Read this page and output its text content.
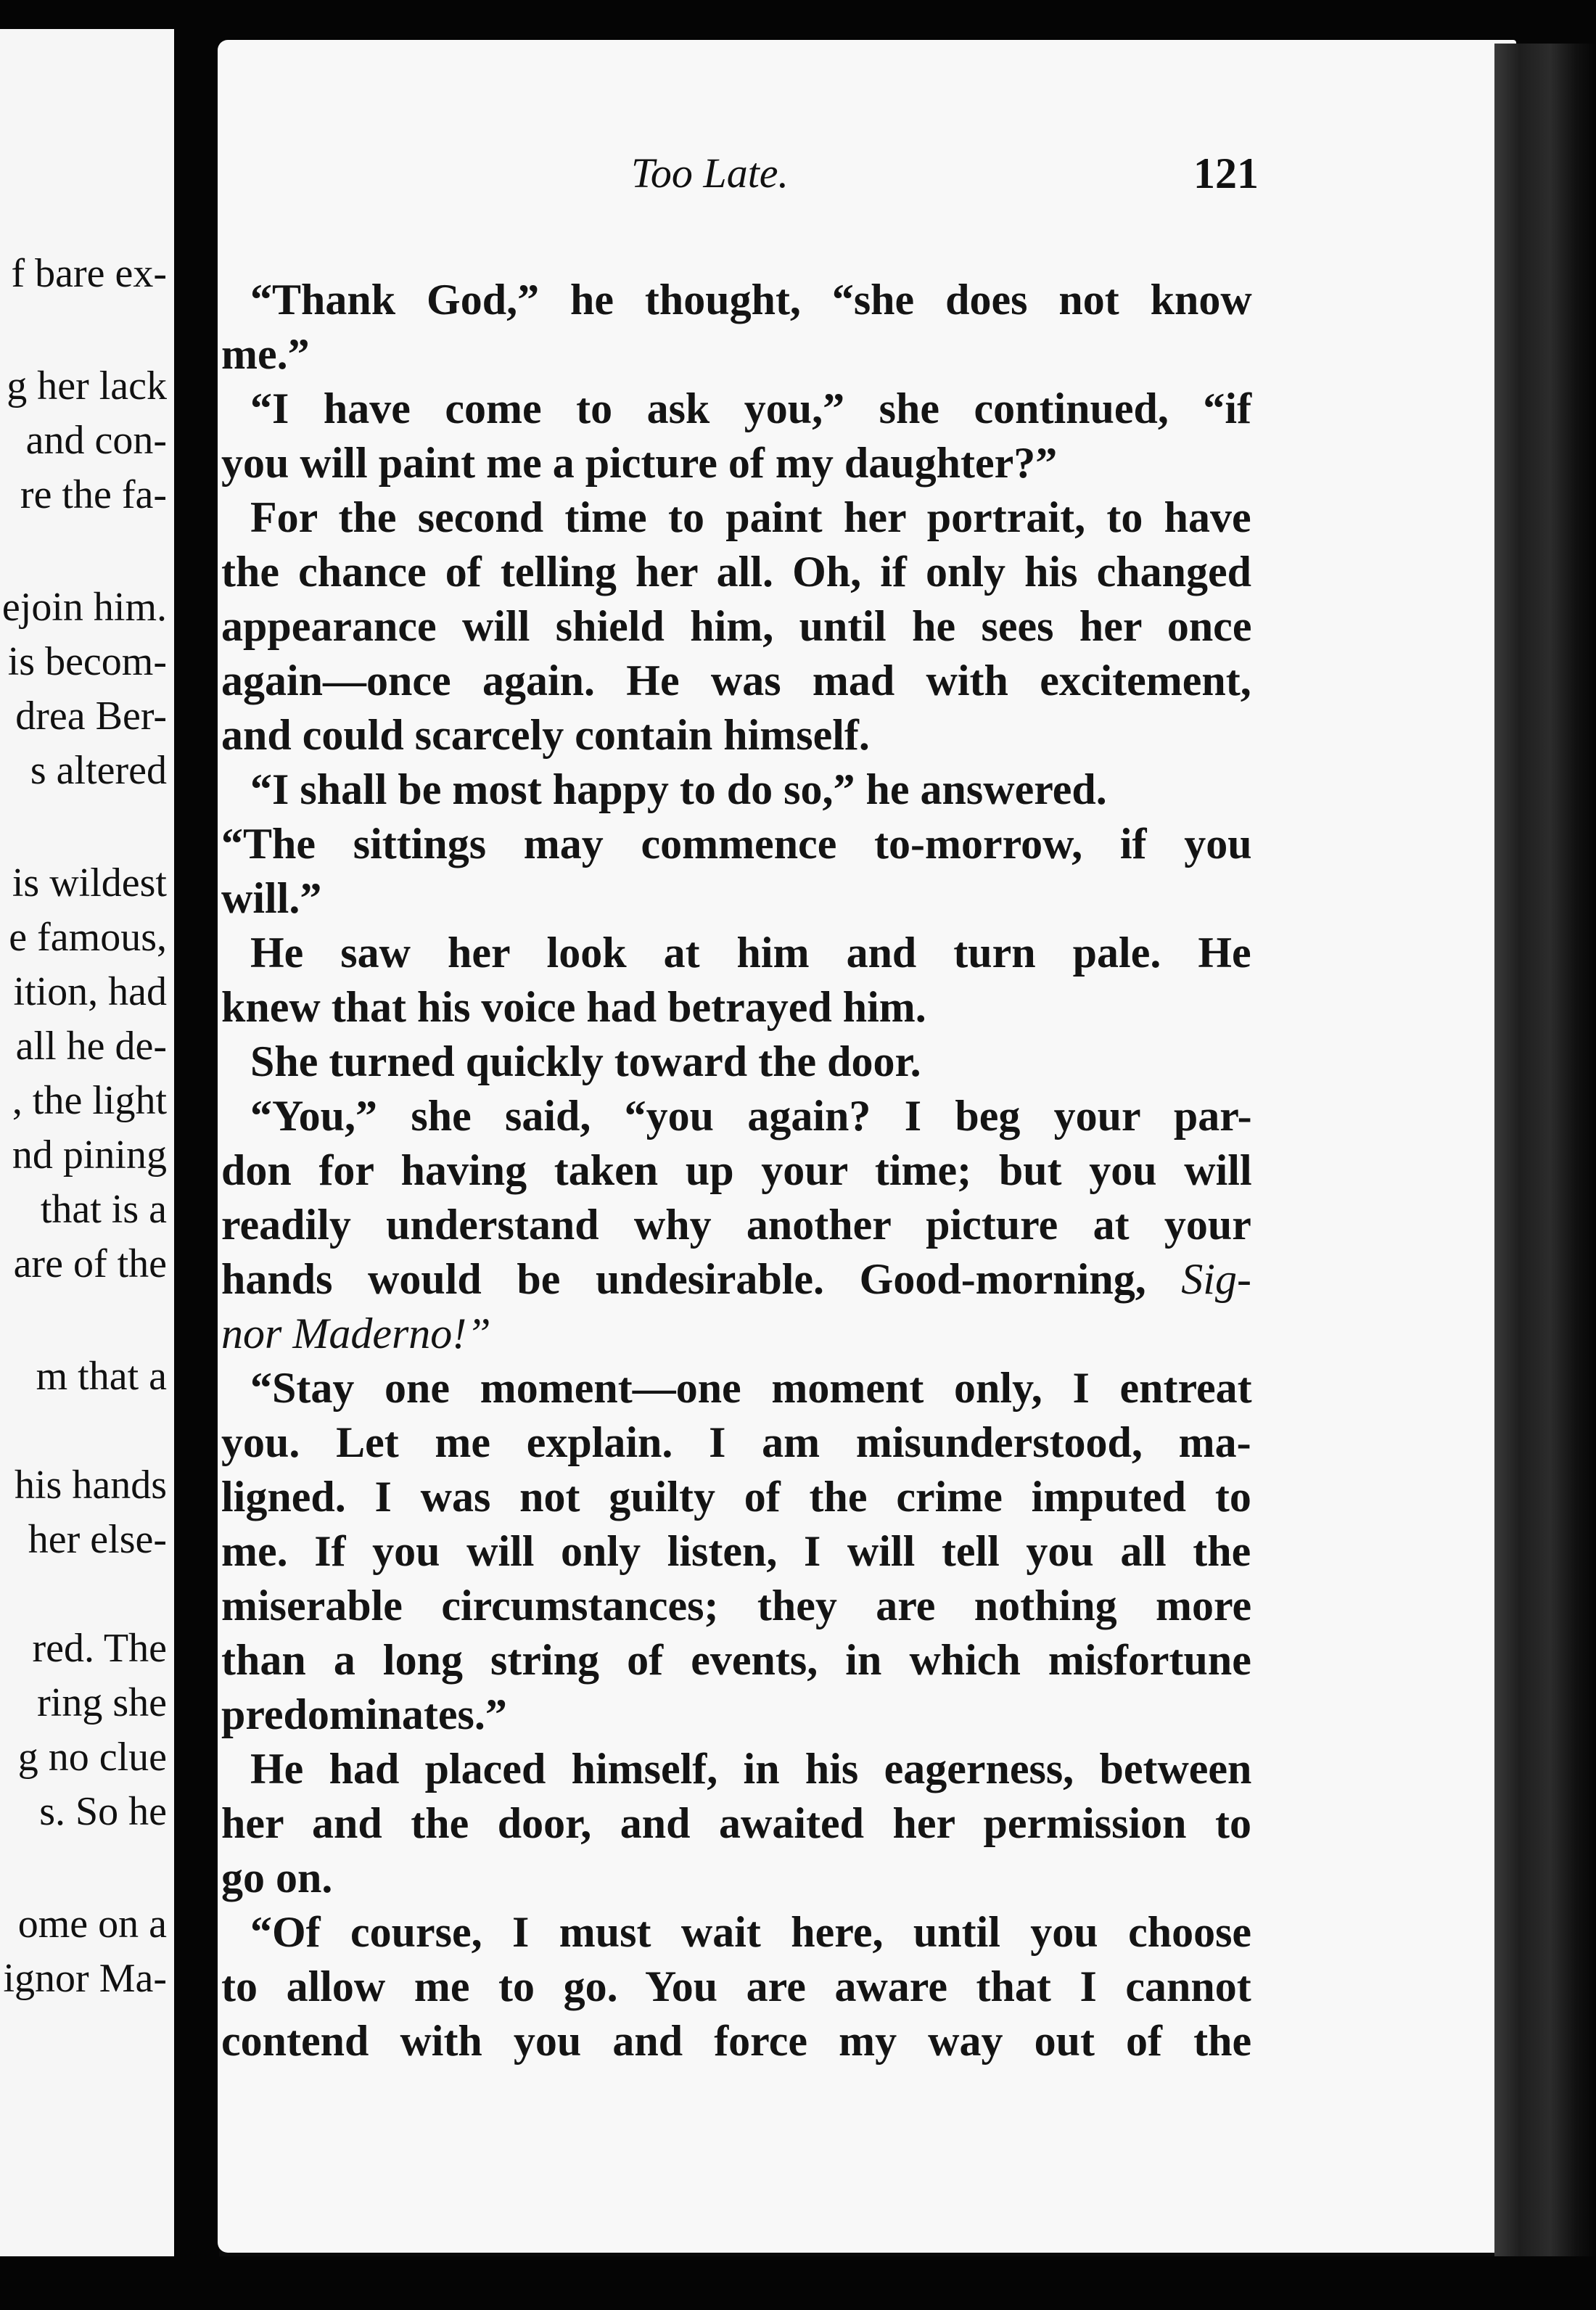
f bare ex-
g her lack
and con-
re the fa-
ejoin him.
is becom-
drea Ber-
s altered
is wildest
e famous,
ition, had
all he de-
, the light
nd pining
that is a
are of the
m that a
his hands
her else-
red. The
ring she
g no clue
s. So he
ome on a
ignor Ma-
Too Late.	121
“Thank God,” he thought, “she does not know
me.”
“I have come to ask you,” she continued, “if
you will paint me a picture of my daughter?”
For the second time to paint her portrait, to have
the chance of telling her all. Oh, if only his changed
appearance will shield him, until he sees her once
again—once again. He was mad with excitement,
and could scarcely contain himself.
“I shall be most happy to do so,” he answered.
“The sittings may commence to-morrow, if you
will.”
He saw her look at him and turn pale. He
knew that his voice had betrayed him.
She turned quickly toward the door.
“You,” she said, “you again? I beg your par-
don for having taken up your time; but you will
readily understand why another picture at your
hands would be undesirable. Good-morning, Sig-
nor Maderno!”
“Stay one moment—one moment only, I entreat
you. Let me explain. I am misunderstood, ma-
ligned. I was not guilty of the crime imputed to
me. If you will only listen, I will tell you all the
miserable circumstances; they are nothing more
than a long string of events, in which misfortune
predominates.”
He had placed himself, in his eagerness, between
her and the door, and awaited her permission to
go on.
“Of course, I must wait here, until you choose
to allow me to go. You are aware that I cannot
contend with you and force my way out of the
